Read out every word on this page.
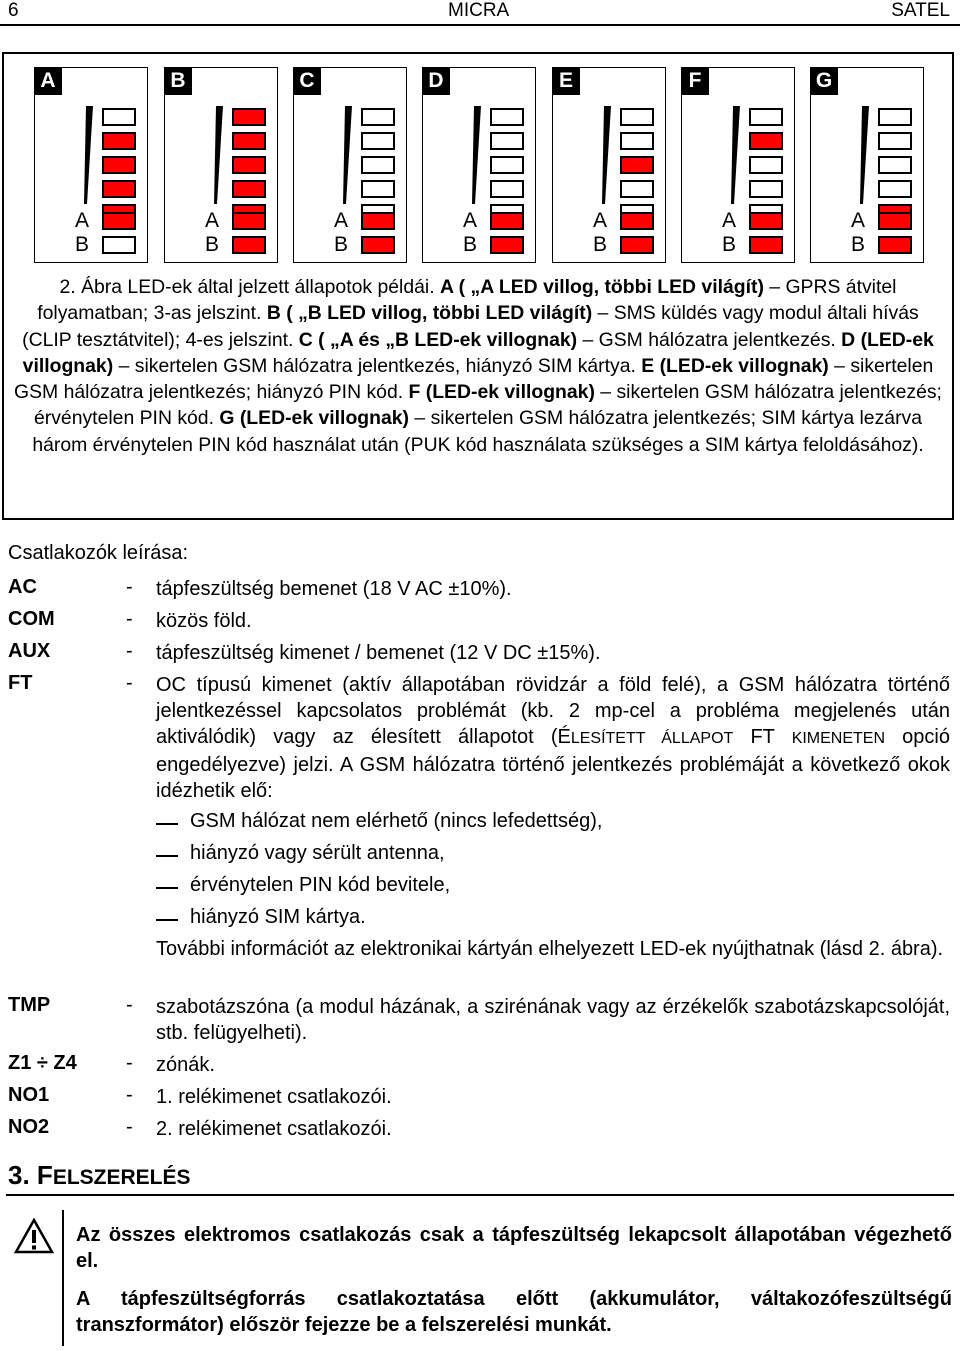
6	MICRA	SATEL
A
A
B
B
A
B
C
A
B
D
A
B
E
A
B
F
A
B
G
A
B
2. Ábra LED-ek által jelzett állapotok példái. A ( „A LED villog, többi LED világít) – GPRS átvitel folyamatban; 3-as jelszint. B ( „B LED villog, többi LED világít) – SMS küldés vagy modul általi hívás (CLIP tesztátvitel); 4-es jelszint. C ( „A és „B LED-ek villognak) – GSM hálózatra jelentkezés. D (LED-ek villognak) – sikertelen GSM hálózatra jelentkezés, hiányzó SIM kártya. E (LED-ek villognak) – sikertelen GSM hálózatra jelentkezés; hiányzó PIN kód. F (LED-ek villognak) – sikertelen GSM hálózatra jelentkezés; érvénytelen PIN kód. G (LED-ek villognak) – sikertelen GSM hálózatra jelentkezés; SIM kártya lezárva három érvénytelen PIN kód használat után (PUK kód használata szükséges a SIM kártya feloldásához).
Csatlakozók leírása:
AC	- tápfeszültség bemenet (18 V AC ±10%).
COM	- közös föld.
AUX	- tápfeszültség kimenet / bemenet (12 V DC ±15%).
FT	- OC típusú kimenet (aktív állapotában rövidzár a föld felé), a GSM hálózatra történő jelentkezéssel kapcsolatos problémát (kb. 2 mp-cel a probléma megjelenés után aktiválódik) vagy az élesített állapotot (ÉLESÍTETT ÁLLAPOT FT KIMENETEN opció engedélyezve) jelzi. A GSM hálózatra történő jelentkezés problémáját a következő okok idézhetik elő:
GSM hálózat nem elérhető (nincs lefedettség),
hiányzó vagy sérült antenna,
érvénytelen PIN kód bevitele,
hiányzó SIM kártya.
További információt az elektronikai kártyán elhelyezett LED-ek nyújthatnak (lásd 2. ábra).
TMP	- szabotázszóna (a modul házának, a szirénának vagy az érzékelők szabotázskapcsolóját, stb. felügyelheti).
Z1 ÷ Z4 - zónák.
NO1	- 1. relékimenet csatlakozói.
NO2	- 2. relékimenet csatlakozói.
3. FELSZERELÉS
Az összes elektromos csatlakozás csak a tápfeszültség lekapcsolt állapotában végezhető el.
A tápfeszültségforrás csatlakoztatása előtt (akkumulátor, váltakozófeszültségű transzformátor) először fejezze be a felszerelési munkát.
